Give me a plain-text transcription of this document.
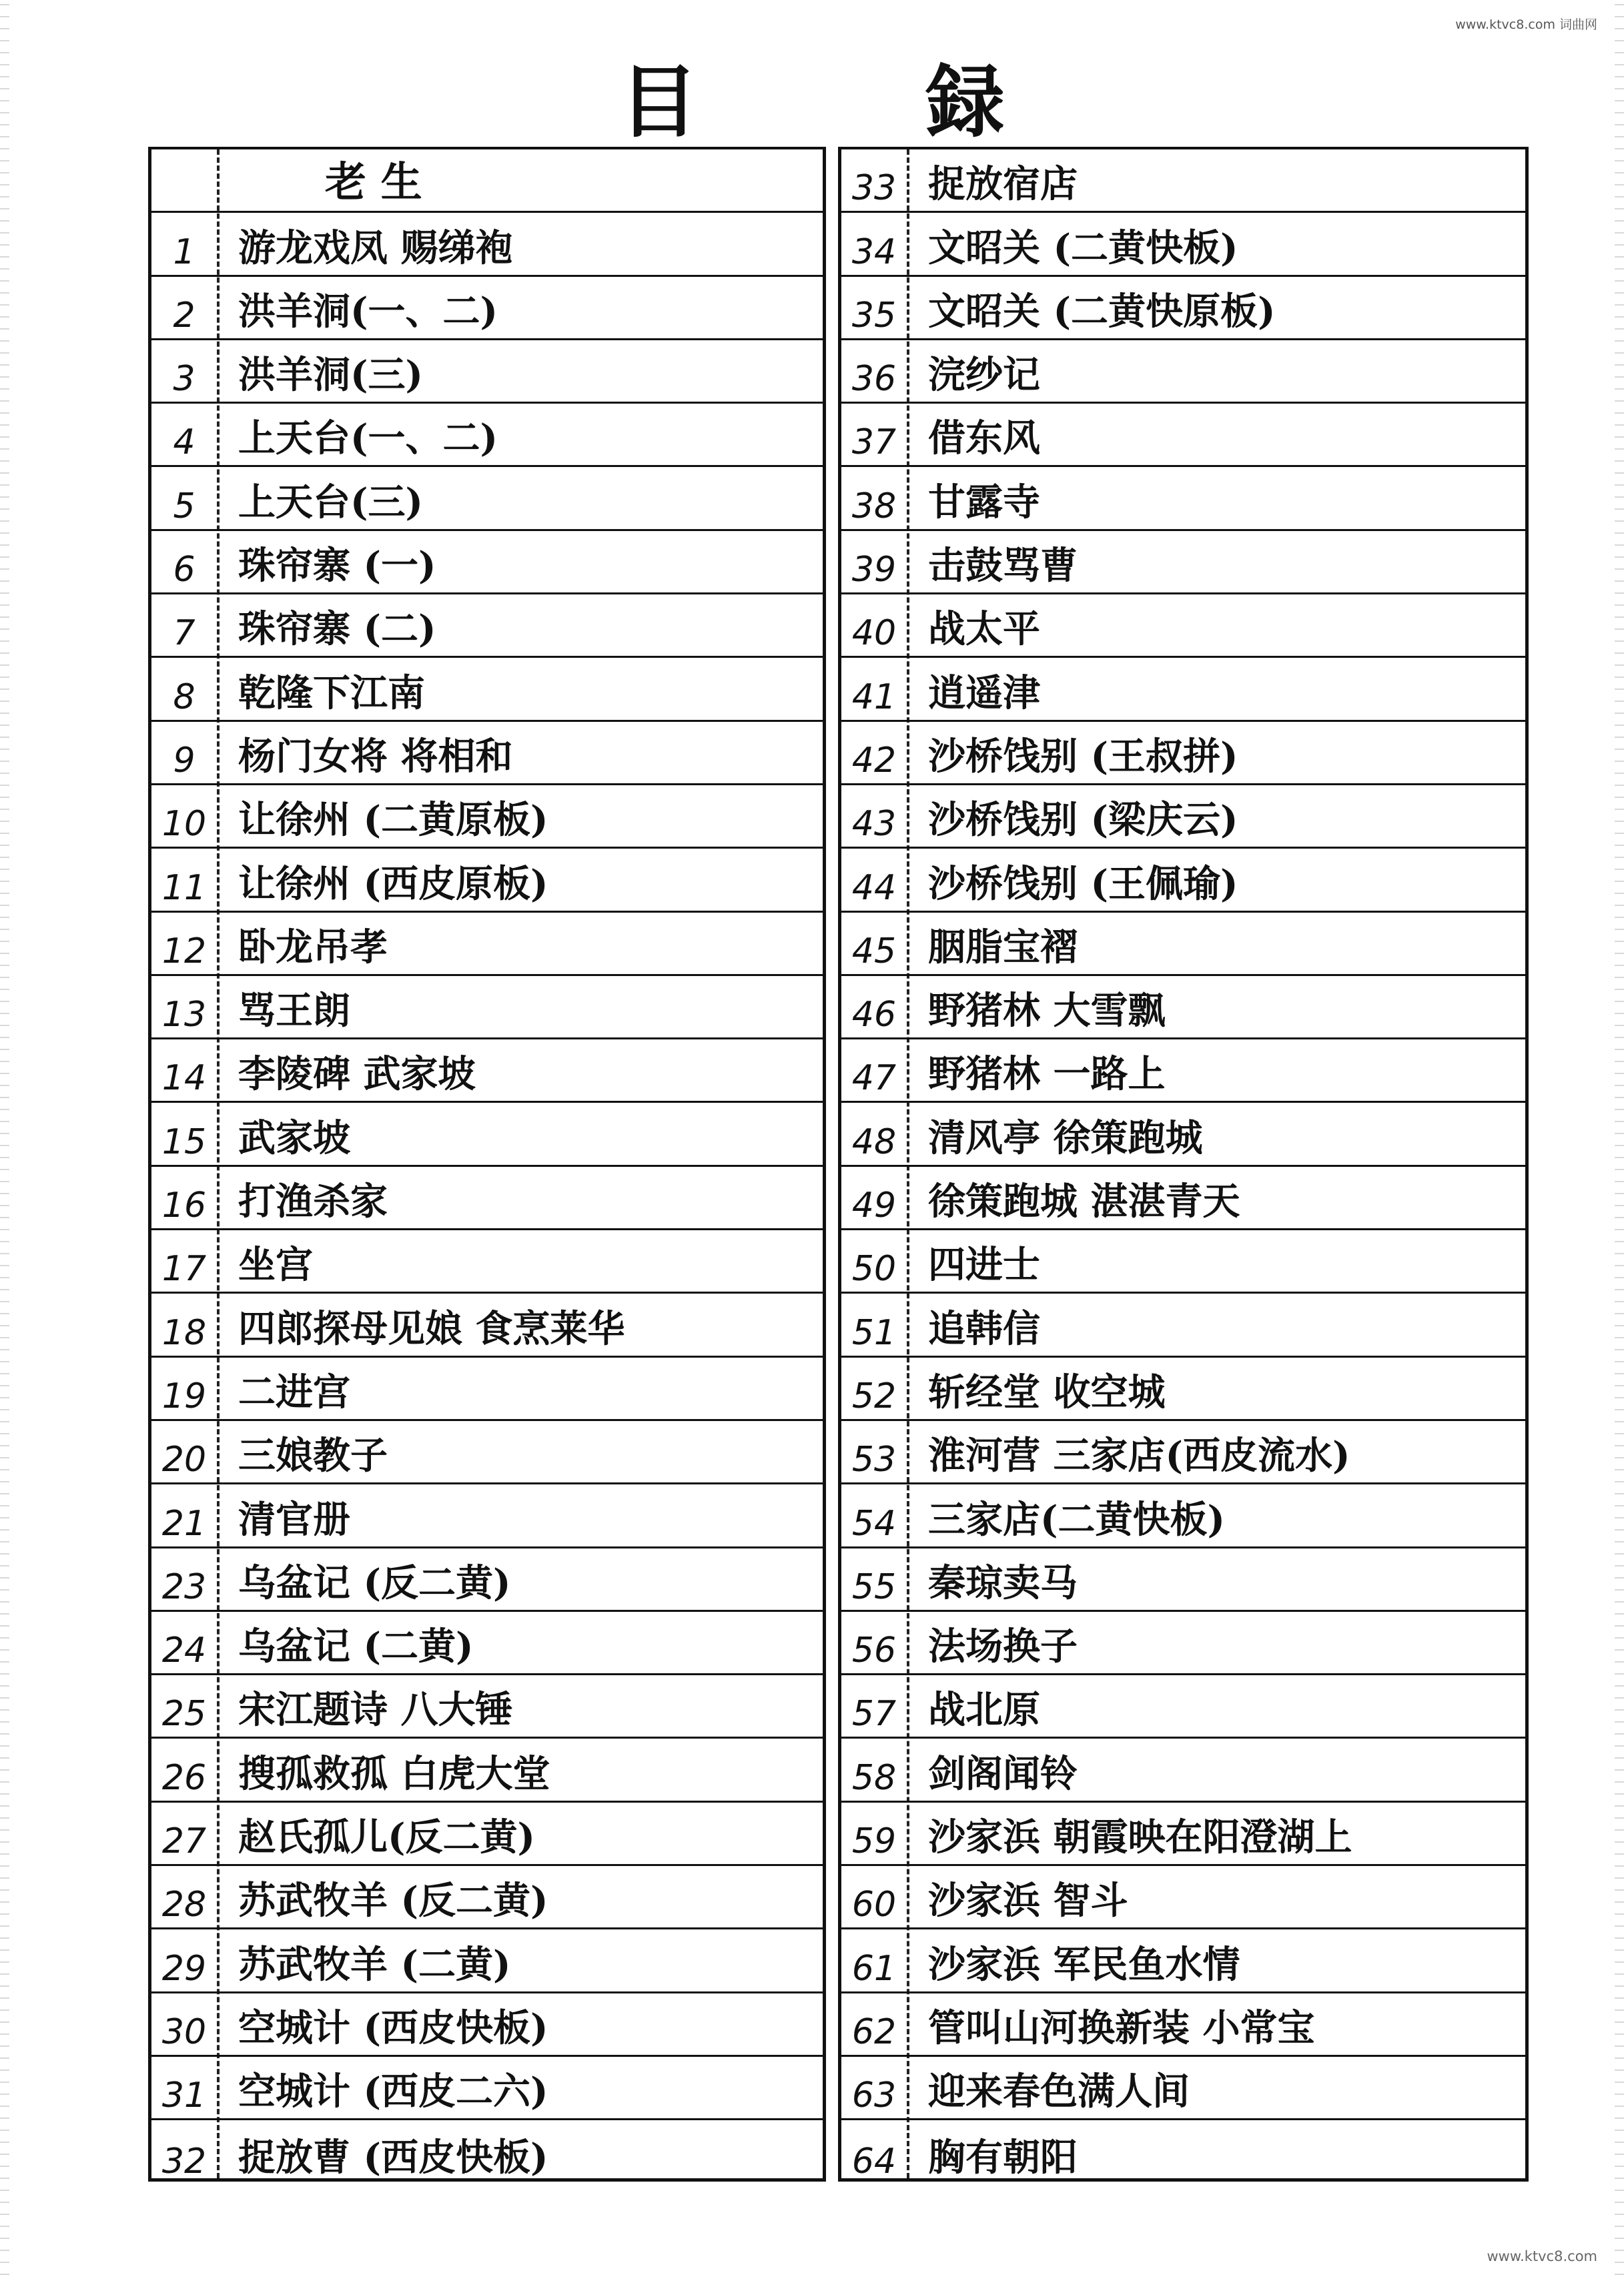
www.ktvc8.com 词曲网
目 録
老 生
1	游龙戏凤 赐绨袍
2	洪羊洞(一、二)
3	洪羊洞(三)
4	上天台(一、二)
5	上天台(三)
6	珠帘寨 (一)
7	珠帘寨 (二)
8	乾隆下江南
9	杨门女将 将相和
10 让徐州 (二黄原板)
11 让徐州 (西皮原板)
12 卧龙吊孝
13 骂王朗
14 李陵碑 武家坡
15 武家坡
16 打渔杀家
17 坐宫
18 四郎探母见娘 食烹莱华
19 二进宫
20 三娘教子
21 清官册
23 乌盆记 (反二黄)
24 乌盆记 (二黄)
25 宋江题诗 八大锤
26 搜孤救孤 白虎大堂
27 赵氏孤儿(反二黄)
28 苏武牧羊 (反二黄)
29 苏武牧羊 (二黄)
30 空城计 (西皮快板)
31 空城计 (西皮二六)
32 捉放曹 (西皮快板)
33 捉放宿店
34 文昭关 (二黄快板)
35 文昭关 (二黄快原板)
36 浣纱记
37 借东风
38 甘露寺
39 击鼓骂曹
40 战太平
41 逍遥津
42 沙桥饯别 (王叔拼)
43 沙桥饯别 (梁庆云)
44 沙桥饯别 (王佩瑜)
45 胭脂宝褶
46 野猪林 大雪飘
47 野猪林 一路上
48 清风亭 徐策跑城
49 徐策跑城 湛湛青天
50 四进士
51 追韩信
52 斩经堂 收空城
53 淮河营 三家店(西皮流水)
54 三家店(二黄快板)
55 秦琼卖马
56 法场换子
57 战北原
58 剑阁闻铃
59 沙家浜 朝霞映在阳澄湖上
60 沙家浜 智斗
61 沙家浜 军民鱼水情
62 管叫山河换新装 小常宝
63 迎来春色满人间
64 胸有朝阳
www.ktvc8.com
